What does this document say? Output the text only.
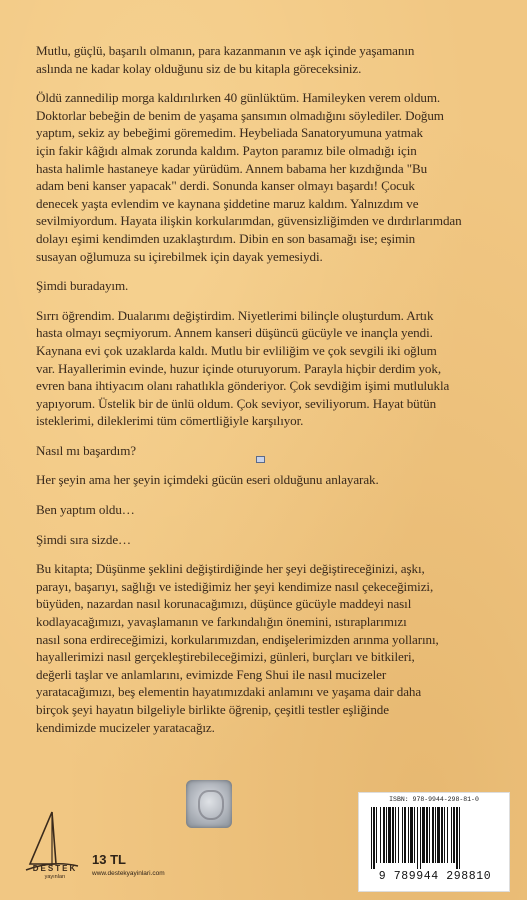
Mutlu, güçlü, başarılı olmanın, para kazanmanın ve aşk içinde yaşamanın
aslında ne kadar kolay olduğunu siz de bu kitapla göreceksiniz.

Öldü zannedilip morga kaldırılırken 40 günlüktüm. Hamileyken verem oldum.
Doktorlar bebeğin de benim de yaşama şansımın olmadığını söylediler. Doğum
yaptım, sekiz ay bebeğimi göremedim. Heybeliada Sanatoryumuna yatmak
için fakir kâğıdı almak zorunda kaldım. Payton paramız bile olmadığı için
hasta halimle hastaneye kadar yürüdüm. Annem babama her kızdığında "Bu
adam beni kanser yapacak" derdi. Sonunda kanser olmayı başardı! Çocuk
denecek yaşta evlendim ve kaynana şiddetine maruz kaldım. Yalnızdım ve
sevilmiyordum. Hayata ilişkin korkularımdan, güvensizliğimden ve dırdırlarımdan
dolayı eşimi kendimden uzaklaştırdım. Dibin en son basamağı ise; eşimin
susayan oğlumuza su içirebilmek için dayak yemesiydi.

Şimdi buradayım.

Sırrı öğrendim. Dualarımı değiştirdim. Niyetlerimi bilinçle oluşturdum. Artık
hasta olmayı seçmiyorum. Annem kanseri düşüncü gücüyle ve inançla yendi.
Kaynana evi çok uzaklarda kaldı. Mutlu bir evliliğim ve çok sevgili iki oğlum
var. Hayallerimin evinde, huzur içinde oturuyorum. Parayla hiçbir derdim yok,
evren bana ihtiyacım olanı rahatlıkla gönderiyor. Çok sevdiğim işimi mutlulukla
yapıyorum. Üstelik bir de ünlü oldum. Çok seviyor, seviliyorum. Hayat bütün
isteklerimi, dileklerimi tüm cömertliğiyle karşılıyor.

Nasıl mı başardım?

Her şeyin ama her şeyin içimdeki gücün eseri olduğunu anlayarak.

Ben yaptım oldu…

Şimdi sıra sizde…

Bu kitapta; Düşünme şeklini değiştirdiğinde her şeyi değiştireceğinizi, aşkı,
parayı, başarıyı, sağlığı ve istediğimiz her şeyi kendimize nasıl çekeceğimizi,
büyüden, nazardan nasıl korunacağımızı, düşünce gücüyle maddeyi nasıl
kodlayacağımızı, yavaşlamanın ve farkındalığın önemini, ıstıraplarımızı
nasıl sona erdireceğimizi, korkularımızdan, endişelerimizden arınma yollarını,
hayallerimizi nasıl gerçekleştirebileceğimizi, günleri, burçları ve bitkileri,
değerli taşlar ve anlamlarını, evimizde Feng Shui ile nasıl mucizeler
yaratacağımızı, beş elementin hayatımızdaki anlamını ve yaşama dair daha
birçok şeyi hayatın bilgeliyle birlikte öğrenip, çeşitli testler eşliğinde
kendimizde mucizeler yaratacağız.

DESTEK
yayınları
13 TL
www.destekyayinlari.com
ISBN: 978-9944-298-81-0
9 789944 298810
